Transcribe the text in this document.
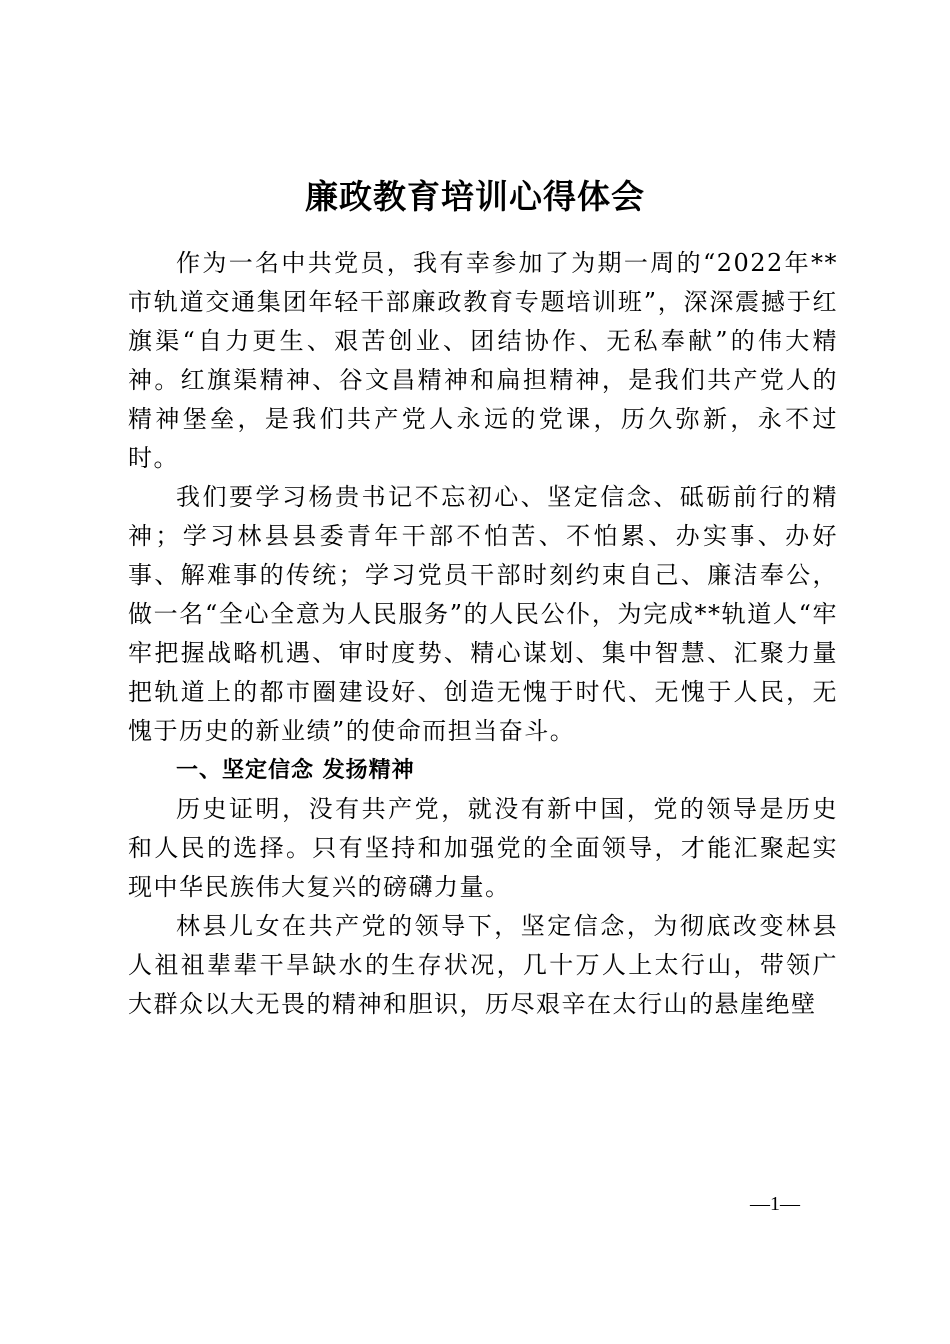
廉政教育培训心得体会

作为一名中共党员，我有幸参加了为期一周的“2022年**市轨道交通集团年轻干部廉政教育专题培训班”，深深震撼于红旗渠“自力更生、艰苦创业、团结协作、无私奉献”的伟大精神。红旗渠精神、谷文昌精神和扁担精神，是我们共产党人的精神堡垒，是我们共产党人永远的党课，历久弥新，永不过时。

我们要学习杨贵书记不忘初心、坚定信念、砥砺前行的精神；学习林县县委青年干部不怕苦、不怕累、办实事、办好事、解难事的传统；学习党员干部时刻约束自己、廉洁奉公，做一名“全心全意为人民服务”的人民公仆，为完成**轨道人“牢牢把握战略机遇、审时度势、精心谋划、集中智慧、汇聚力量把轨道上的都市圈建设好、创造无愧于时代、无愧于人民，无愧于历史的新业绩”的使命而担当奋斗。

一、坚定信念 发扬精神

历史证明，没有共产党，就没有新中国，党的领导是历史和人民的选择。只有坚持和加强党的全面领导，才能汇聚起实现中华民族伟大复兴的磅礴力量。

林县儿女在共产党的领导下，坚定信念，为彻底改变林县人祖祖辈辈干旱缺水的生存状况，几十万人上太行山，带领广大群众以大无畏的精神和胆识，历尽艰辛在太行山的悬崖绝壁

—1—
